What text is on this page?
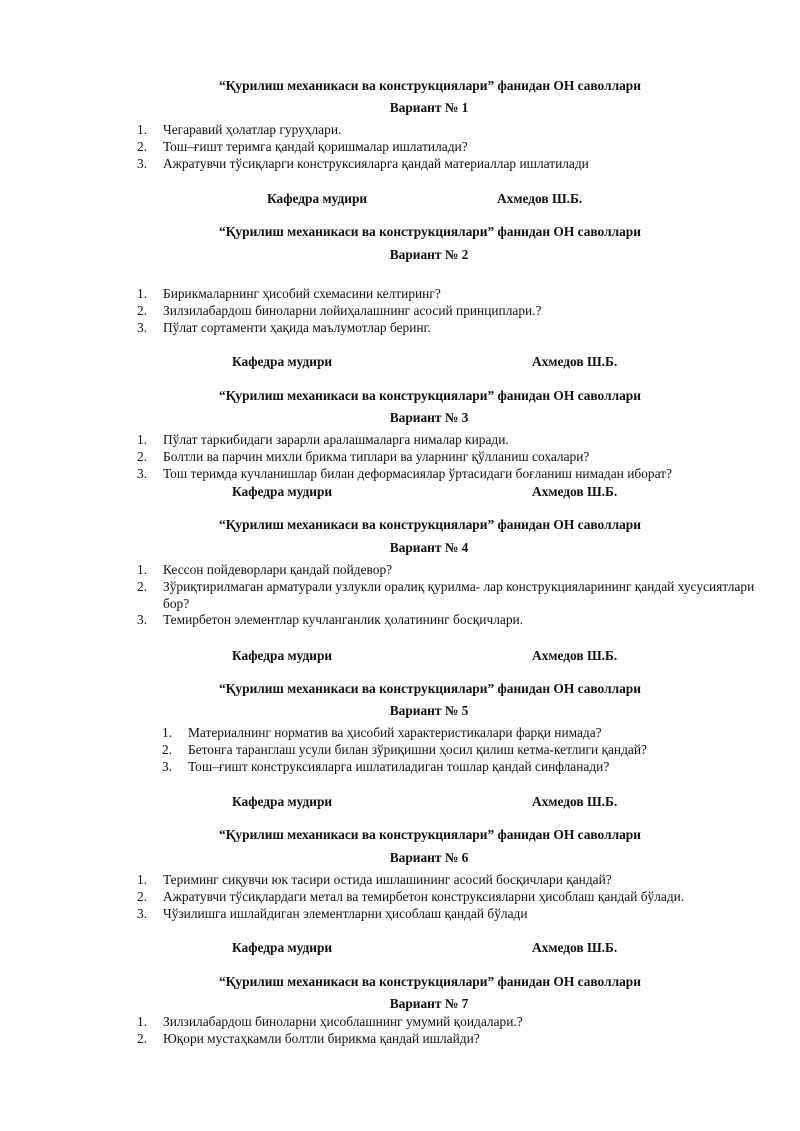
“Қурилиш механикаси ва конструкциялари” фанидан ОН саволлари

Вариант № 1

1. Чегаравий ҳолатлар гуруҳлари.
2. Тош–ғишт теримга қандай қоришмалар ишлатилади?
3. Ажратувчи тўсиқларги конструксияларга қандай материаллар ишлатилади
Кафедра мудири	Ахмедов Ш.Б.

“Қурилиш механикаси ва конструкциялари” фанидан ОН саволлари

Вариант № 2

1. Бирикмаларнинг ҳисобий схемасини келтиринг?
2. Зилзилабардош биноларни лойиҳалашнинг асосий принциплари.?
3. Пўлат сортаменти ҳақида маълумотлар беринг.
Кафедра мудири	Ахмедов Ш.Б.

“Қурилиш механикаси ва конструкциялари” фанидан ОН саволлари

Вариант № 3

1. Пўлат таркибидаги зарарли аралашмаларга нималар киради.
2. Болтли ва парчин михли брикма типлари ва уларнинг қўлланиш сохалари?
3. Тош теримда кучланишлар билан деформасиялар ўртасидаги боғланиш нимадан иборат?
Кафедра мудири	Ахмедов Ш.Б.

“Қурилиш механикаси ва конструкциялари” фанидан ОН саволлари

Вариант № 4

1. Кессон пойдеворлари қандай пойдевор?
2. Зўриқтирилмаган арматурали узлукли оралиқ қурилма- лар конструкцияларининг қандай хусусиятлари бор?
3. Темирбетон элементлар кучланганлик ҳолатининг босқичлари.
Кафедра мудири	Ахмедов Ш.Б.

“Қурилиш механикаси ва конструкциялари” фанидан ОН саволлари

Вариант № 5

1. Материалнинг норматив ва ҳисобий характеристикалари фарқи нимада?
2. Бетонга таранглаш усули билан зўриқишни ҳосил қилиш кетма-кетлиги қандай?
3. Тош–ғишт конструксияларга ишлатиладиган тошлар қандай синфланади?
Кафедра мудири	Ахмедов Ш.Б.

“Қурилиш механикаси ва конструкциялари” фанидан ОН саволлари

Вариант № 6

1. Териминг сиқувчи юк тасири остида ишлашининг асосий босқичлари қандай?
2. Ажратувчи тўсиқлардаги метал ва темирбетон конструксияларни ҳисоблаш қандай бўлади.
3. Чўзилишга ишлайдиган элементларни ҳисоблаш қандай бўлади
Кафедра мудири	Ахмедов Ш.Б.

“Қурилиш механикаси ва конструкциялари” фанидан ОН саволлари

Вариант № 7

1. Зилзилабардош биноларни ҳисоблашнинг умумий қоидалари.?
2. Юқори мустаҳкамли болтли бирикма қандай ишлайди?
